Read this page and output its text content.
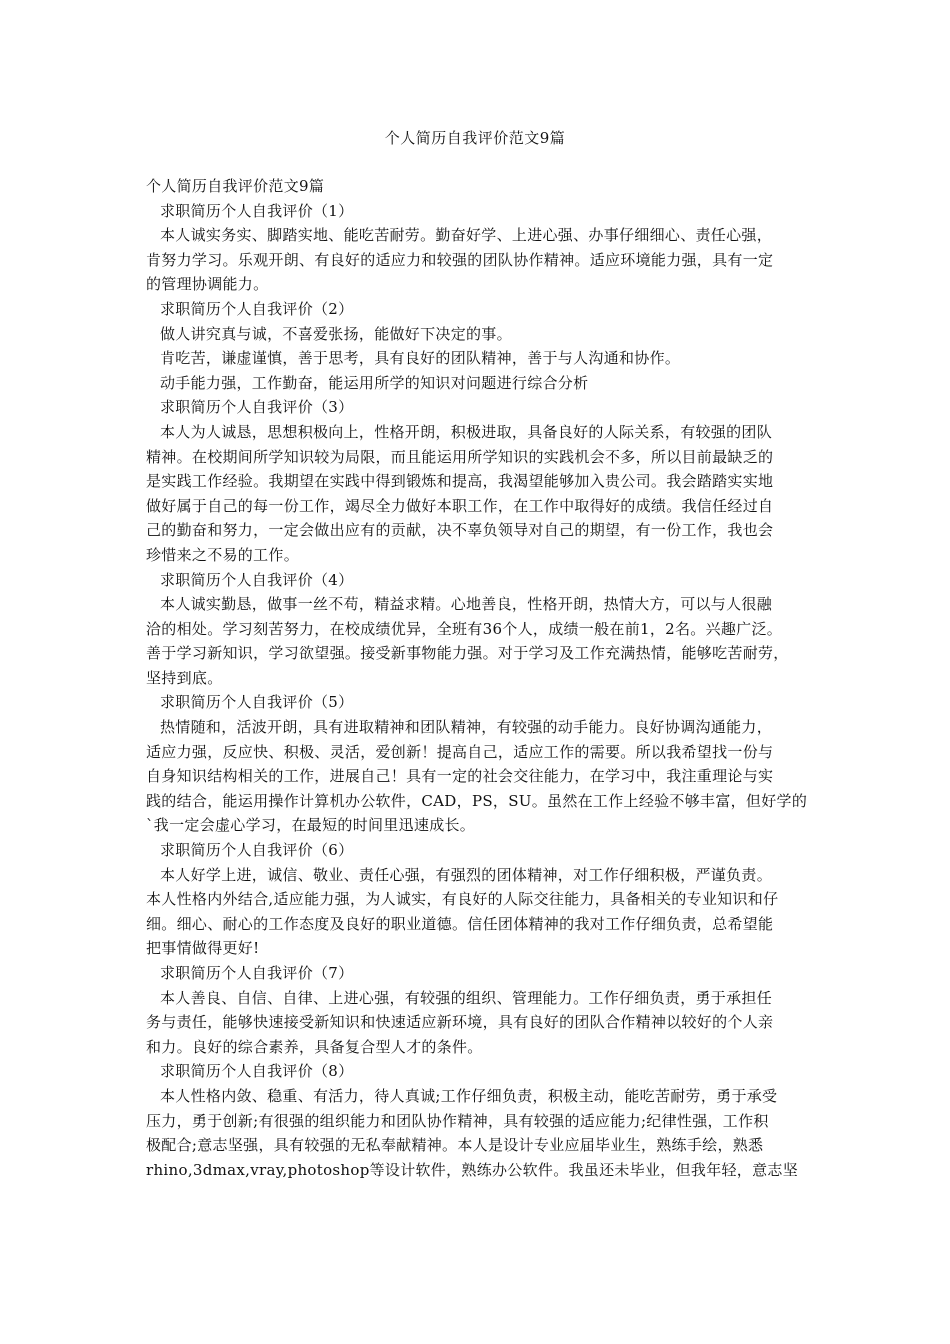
个人简历自我评价范文9篇
个人简历自我评价范文9篇
求职简历个人自我评价（1）
本人诚实务实、脚踏实地、能吃苦耐劳。勤奋好学、上进心强、办事仔细细心、责任心强，
肯努力学习。乐观开朗、有良好的适应力和较强的团队协作精神。适应环境能力强，具有一定
的管理协调能力。
求职简历个人自我评价（2）
做人讲究真与诚，不喜爱张扬，能做好下决定的事。
肯吃苦，谦虚谨慎，善于思考，具有良好的团队精神，善于与人沟通和协作。
动手能力强，工作勤奋，能运用所学的知识对问题进行综合分析
求职简历个人自我评价（3）
本人为人诚恳，思想积极向上，性格开朗，积极进取，具备良好的人际关系，有较强的团队
精神。在校期间所学知识较为局限，而且能运用所学知识的实践机会不多，所以目前最缺乏的
是实践工作经验。我期望在实践中得到锻炼和提高，我渴望能够加入贵公司。我会踏踏实实地
做好属于自己的每一份工作，竭尽全力做好本职工作，在工作中取得好的成绩。我信任经过自
己的勤奋和努力，一定会做出应有的贡献，决不辜负领导对自己的期望，有一份工作，我也会
珍惜来之不易的工作。
求职简历个人自我评价（4）
本人诚实勤恳，做事一丝不苟，精益求精。心地善良，性格开朗，热情大方，可以与人很融
洽的相处。学习刻苦努力，在校成绩优异，全班有36个人，成绩一般在前1，2名。兴趣广泛。
善于学习新知识，学习欲望强。接受新事物能力强。对于学习及工作充满热情，能够吃苦耐劳，
坚持到底。
求职简历个人自我评价（5）
热情随和，活波开朗，具有进取精神和团队精神，有较强的动手能力。良好协调沟通能力，
适应力强，反应快、积极、灵活，爱创新！提高自己，适应工作的需要。所以我希望找一份与
自身知识结构相关的工作，进展自己！具有一定的社会交往能力，在学习中，我注重理论与实
践的结合，能运用操作计算机办公软件，CAD，PS，SU。虽然在工作上经验不够丰富，但好学的
`我一定会虚心学习，在最短的时间里迅速成长。
求职简历个人自我评价（6）
本人好学上进，诚信、敬业、责任心强，有强烈的团体精神，对工作仔细积极，严谨负责。
本人性格内外结合,适应能力强，为人诚实，有良好的人际交往能力，具备相关的专业知识和仔
细。细心、耐心的工作态度及良好的职业道德。信任团体精神的我对工作仔细负责，总希望能
把事情做得更好!
求职简历个人自我评价（7）
本人善良、自信、自律、上进心强，有较强的组织、管理能力。工作仔细负责，勇于承担任
务与责任，能够快速接受新知识和快速适应新环境，具有良好的团队合作精神以较好的个人亲
和力。良好的综合素养，具备复合型人才的条件。
求职简历个人自我评价（8）
本人性格内敛、稳重、有活力，待人真诚;工作仔细负责，积极主动，能吃苦耐劳，勇于承受
压力，勇于创新;有很强的组织能力和团队协作精神，具有较强的适应能力;纪律性强，工作积
极配合;意志坚强，具有较强的无私奉献精神。本人是设计专业应届毕业生，熟练手绘，熟悉
rhino,3dmax,vray,photoshop等设计软件，熟练办公软件。我虽还未毕业，但我年轻，意志坚
